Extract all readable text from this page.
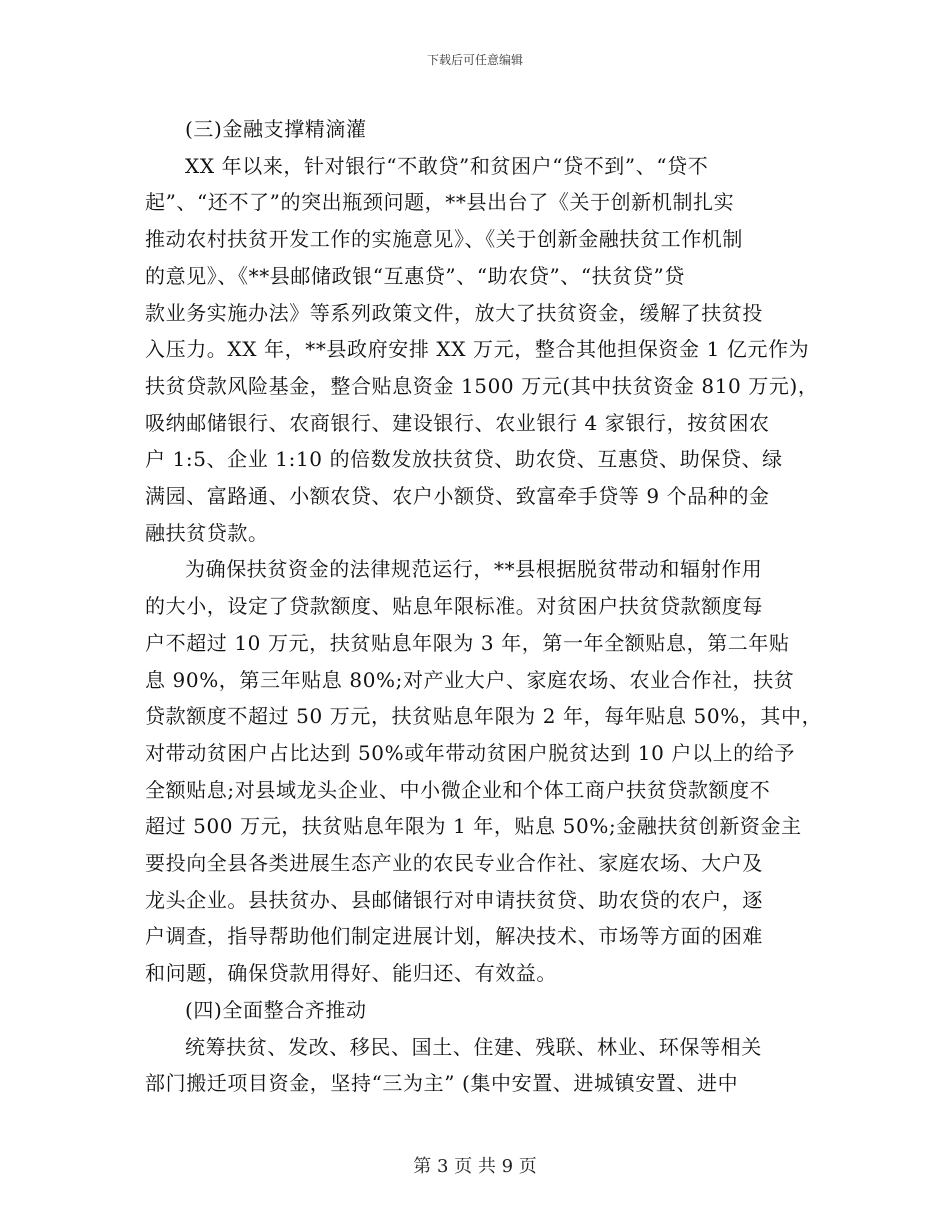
下载后可任意编辑
(三)金融支撑精滴灌
XX 年以来，针对银行“不敢贷”和贫困户“贷不到”、“贷不
起”、“还不了”的突出瓶颈问题，**县出台了《关于创新机制扎实
推动农村扶贫开发工作的实施意见》、《关于创新金融扶贫工作机制
的意见》、《**县邮储政银“互惠贷”、“助农贷”、“扶贫贷”贷
款业务实施办法》等系列政策文件，放大了扶贫资金，缓解了扶贫投
入压力。XX 年，**县政府安排 XX 万元，整合其他担保资金 1 亿元作为
扶贫贷款风险基金，整合贴息资金 1500 万元(其中扶贫资金 810 万元)，
吸纳邮储银行、农商银行、建设银行、农业银行 4 家银行，按贫困农
户 1:5、企业 1:10 的倍数发放扶贫贷、助农贷、互惠贷、助保贷、绿
满园、富路通、小额农贷、农户小额贷、致富牵手贷等 9 个品种的金
融扶贫贷款。
为确保扶贫资金的法律规范运行，**县根据脱贫带动和辐射作用
的大小，设定了贷款额度、贴息年限标准。对贫困户扶贫贷款额度每
户不超过 10 万元，扶贫贴息年限为 3 年，第一年全额贴息，第二年贴
息 90%，第三年贴息 80%;对产业大户、家庭农场、农业合作社，扶贫
贷款额度不超过 50 万元，扶贫贴息年限为 2 年，每年贴息 50%，其中，
对带动贫困户占比达到 50%或年带动贫困户脱贫达到 10 户以上的给予
全额贴息;对县域龙头企业、中小微企业和个体工商户扶贫贷款额度不
超过 500 万元，扶贫贴息年限为 1 年，贴息 50%;金融扶贫创新资金主
要投向全县各类进展生态产业的农民专业合作社、家庭农场、大户及
龙头企业。县扶贫办、县邮储银行对申请扶贫贷、助农贷的农户，逐
户调查，指导帮助他们制定进展计划，解决技术、市场等方面的困难
和问题，确保贷款用得好、能归还、有效益。
(四)全面整合齐推动
统筹扶贫、发改、移民、国土、住建、残联、林业、环保等相关
部门搬迁项目资金，坚持“三为主” (集中安置、进城镇安置、进中
第 3 页 共 9 页
